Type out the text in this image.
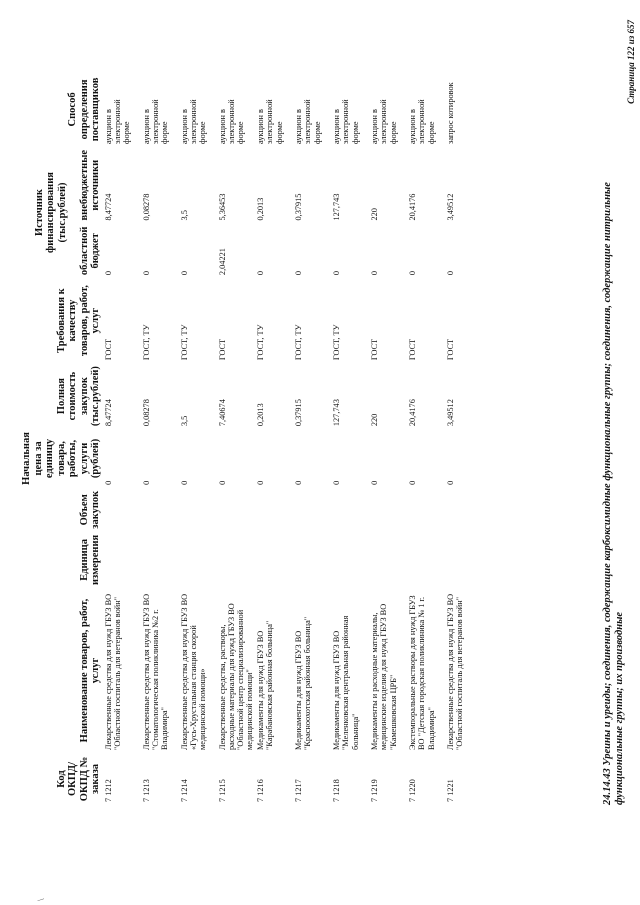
\
Код ОКПД/ ОКПД № заказа	Наименование товаров, работ, услуг	Единица измерения	Объем закупок	Начальная цена за единицу товара, работы, услуги (рублей)	Полная стоимость закупок (тыс.рублей)	Требования к качеству товаров, работ, услуг	Источник финансирования (тыс.рублей)		Способ определения поставщиков
							областной бюджет	внебюджетные источники	
7 1212	Лекарственные средства для нужд ГБУЗ ВО "Областной госпиталь для ветеранов войн"			0	8,47724	ГОСТ	0	8,47724	аукцион в электронной форме
7 1213	Лекарственные средства для нужд ГБУЗ ВО "Стоматологическая поликлиника №2 г. Владимира"			0	0,08278	ГОСТ, ТУ	0	0,08278	аукцион в электронной форме
7 1214	Лекарственные средства для нужд ГБУЗ ВО «Гусь-Хрустальная станция скорой медицинской помощи»			0	3,5	ГОСТ, ТУ	0	3,5	аукцион в электронной форме
7 1215	Лекарственные средства, растворы, расходные материалы для нужд ГБУЗ ВО "Областной центр специализированной медицинской помощи"			0	7,40674	ГОСТ	2,04221	5,36453	аукцион в электронной форме
7 1216	Медикаменты для нужд ГБУЗ ВО "Карабановская районная больница"			0	0,2013	ГОСТ, ТУ	0	0,2013	аукцион в электронной форме
7 1217	Медикаменты для нужд ГБУЗ ВО "Красноохотская районная больница"			0	0,37915	ГОСТ, ТУ	0	0,37915	аукцион в электронной форме
7 1218	Медикаменты для нужд ГБУЗ ВО "Меленковская центральная районная больница"			0	127,743	ГОСТ, ТУ	0	127,743	аукцион в электронной форме
7 1219	Медикаменты и расходные материалы, медицинские изделия для нужд ГБУЗ ВО "Камешковская ЦРБ"			0	220	ГОСТ	0	220	аукцион в электронной форме
7 1220	Экстемпоральные растворы для нужд ГБУЗ ВО "Детская городская поликлиника № 1 г. Владимира"			0	20,4176	ГОСТ	0	20,4176	аукцион в электронной форме
7 1221	Лекарственные средства для нужд ГБУЗ ВО "Областной госпиталь для ветеранов войн"			0	3,49512	ГОСТ	0	3,49512	запрос котировок
24.14.43 Уреины и уреиды; соединения, содержащие карбоксимидные функциональные группы; соединения, содержащие нитрильные функциональные группы; их производные
Страница 122 из 657
